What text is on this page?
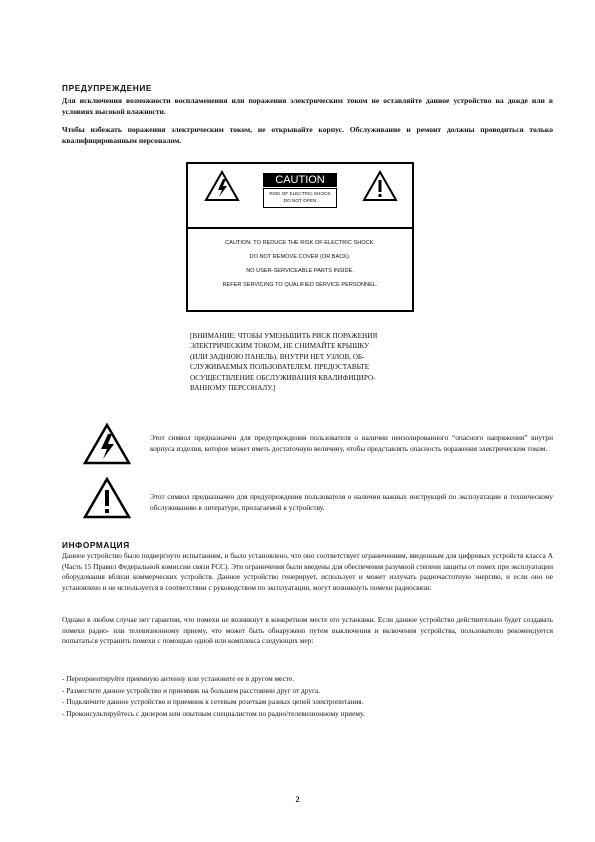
ПРЕДУПРЕЖДЕНИЕ
Для исключения возможности воспламенения или поражения электрическим током не оставляйте данное устройство на дожде или в условиях высокой влажности.
Чтобы избежать поражения электрическим током, не открывайте корпус. Обслуживание и ремонт должны проводиться только квалифицированным персоналом.
CAUTION
RISK OF ELECTRIC SHOCK
DO NOT OPEN
CAUTION: TO REDUCE THE RISK OF ELECTRIC SHOCK.
DO NOT REMOVE COVER (OR BACK).
NO USER-SERVICEABLE PARTS INSIDE.
REFER SERVICING TO QUALIFIED SERVICE PERSONNEL.
[ВНИМАНИЕ: ЧТОБЫ УМЕНЬШИТЬ РИСК ПОРАЖЕНИЯ
ЭЛЕКТРИЧЕСКИМ ТОКОМ, НЕ СНИМАЙТЕ КРЫШКУ
(ИЛИ ЗАДНЮЮ ПАНЕЛЬ). ВНУТРИ НЕТ УЗЛОВ, ОБ-
СЛУЖИВАЕМЫХ ПОЛЬЗОВАТЕЛЕМ. ПРЕДОСТАВЬТЕ
ОСУЩЕСТВЛЕНИЕ ОБСЛУЖИВАНИЯ КВАЛИФИЦИРО-
ВАННОМУ ПЕРСОНАЛУ.]
Этот символ предназначен для предупреждения пользователя о наличии неизолированного “опасного напряжения” внутри корпуса изделия, которое может иметь достаточную величину, чтобы представлять опасность поражения электрическим током.
Этот символ предназначен для предупреждения пользователя о наличии важных инструкций по эксплуатации и техническому обслуживанию в литературе, прилагаемой к устройству.
ИНФОРМАЦИЯ
Данное устройство было подвергнуто испытаниям, и было установлено, что оно соответствует ограничениям, введенным для цифровых устройств класса A (Часть 15 Правил Федеральной комиссии связи FCC). Эти ограничения были введены для обеспечения разумной степени защиты от помех при эксплуатации оборудования вблизи коммерческих устройств. Данное устройство генерирует, использует и может излучать радиочастотную энергию, и если оно не установлено и не используется в соответствии с руководством по эксплуатации, могут возникнуть помехи радиосвязи.
Однако в любом случае нет гарантии, что помехи не возникнут в конкретном месте его установки. Если данное устройство действительно будет создавать помехи радио- или телевизионному приему, что может быть обнаружено путем выключения и включения устройства, пользователю рекомендуется попытаться устранить помехи с помощью одной или комплекса следующих мер:
- Переориентируйте приемную антенну или установите ее в другом месте.
- Разместите данное устройство и приемник на большем расстоянии друг от друга.
- Подключите данное устройство и приемник к сетевым розеткам разных цепей электропитания.
- Проконсультируйтесь с дилером или опытным специалистом по радио/телевизионному приему.
2
